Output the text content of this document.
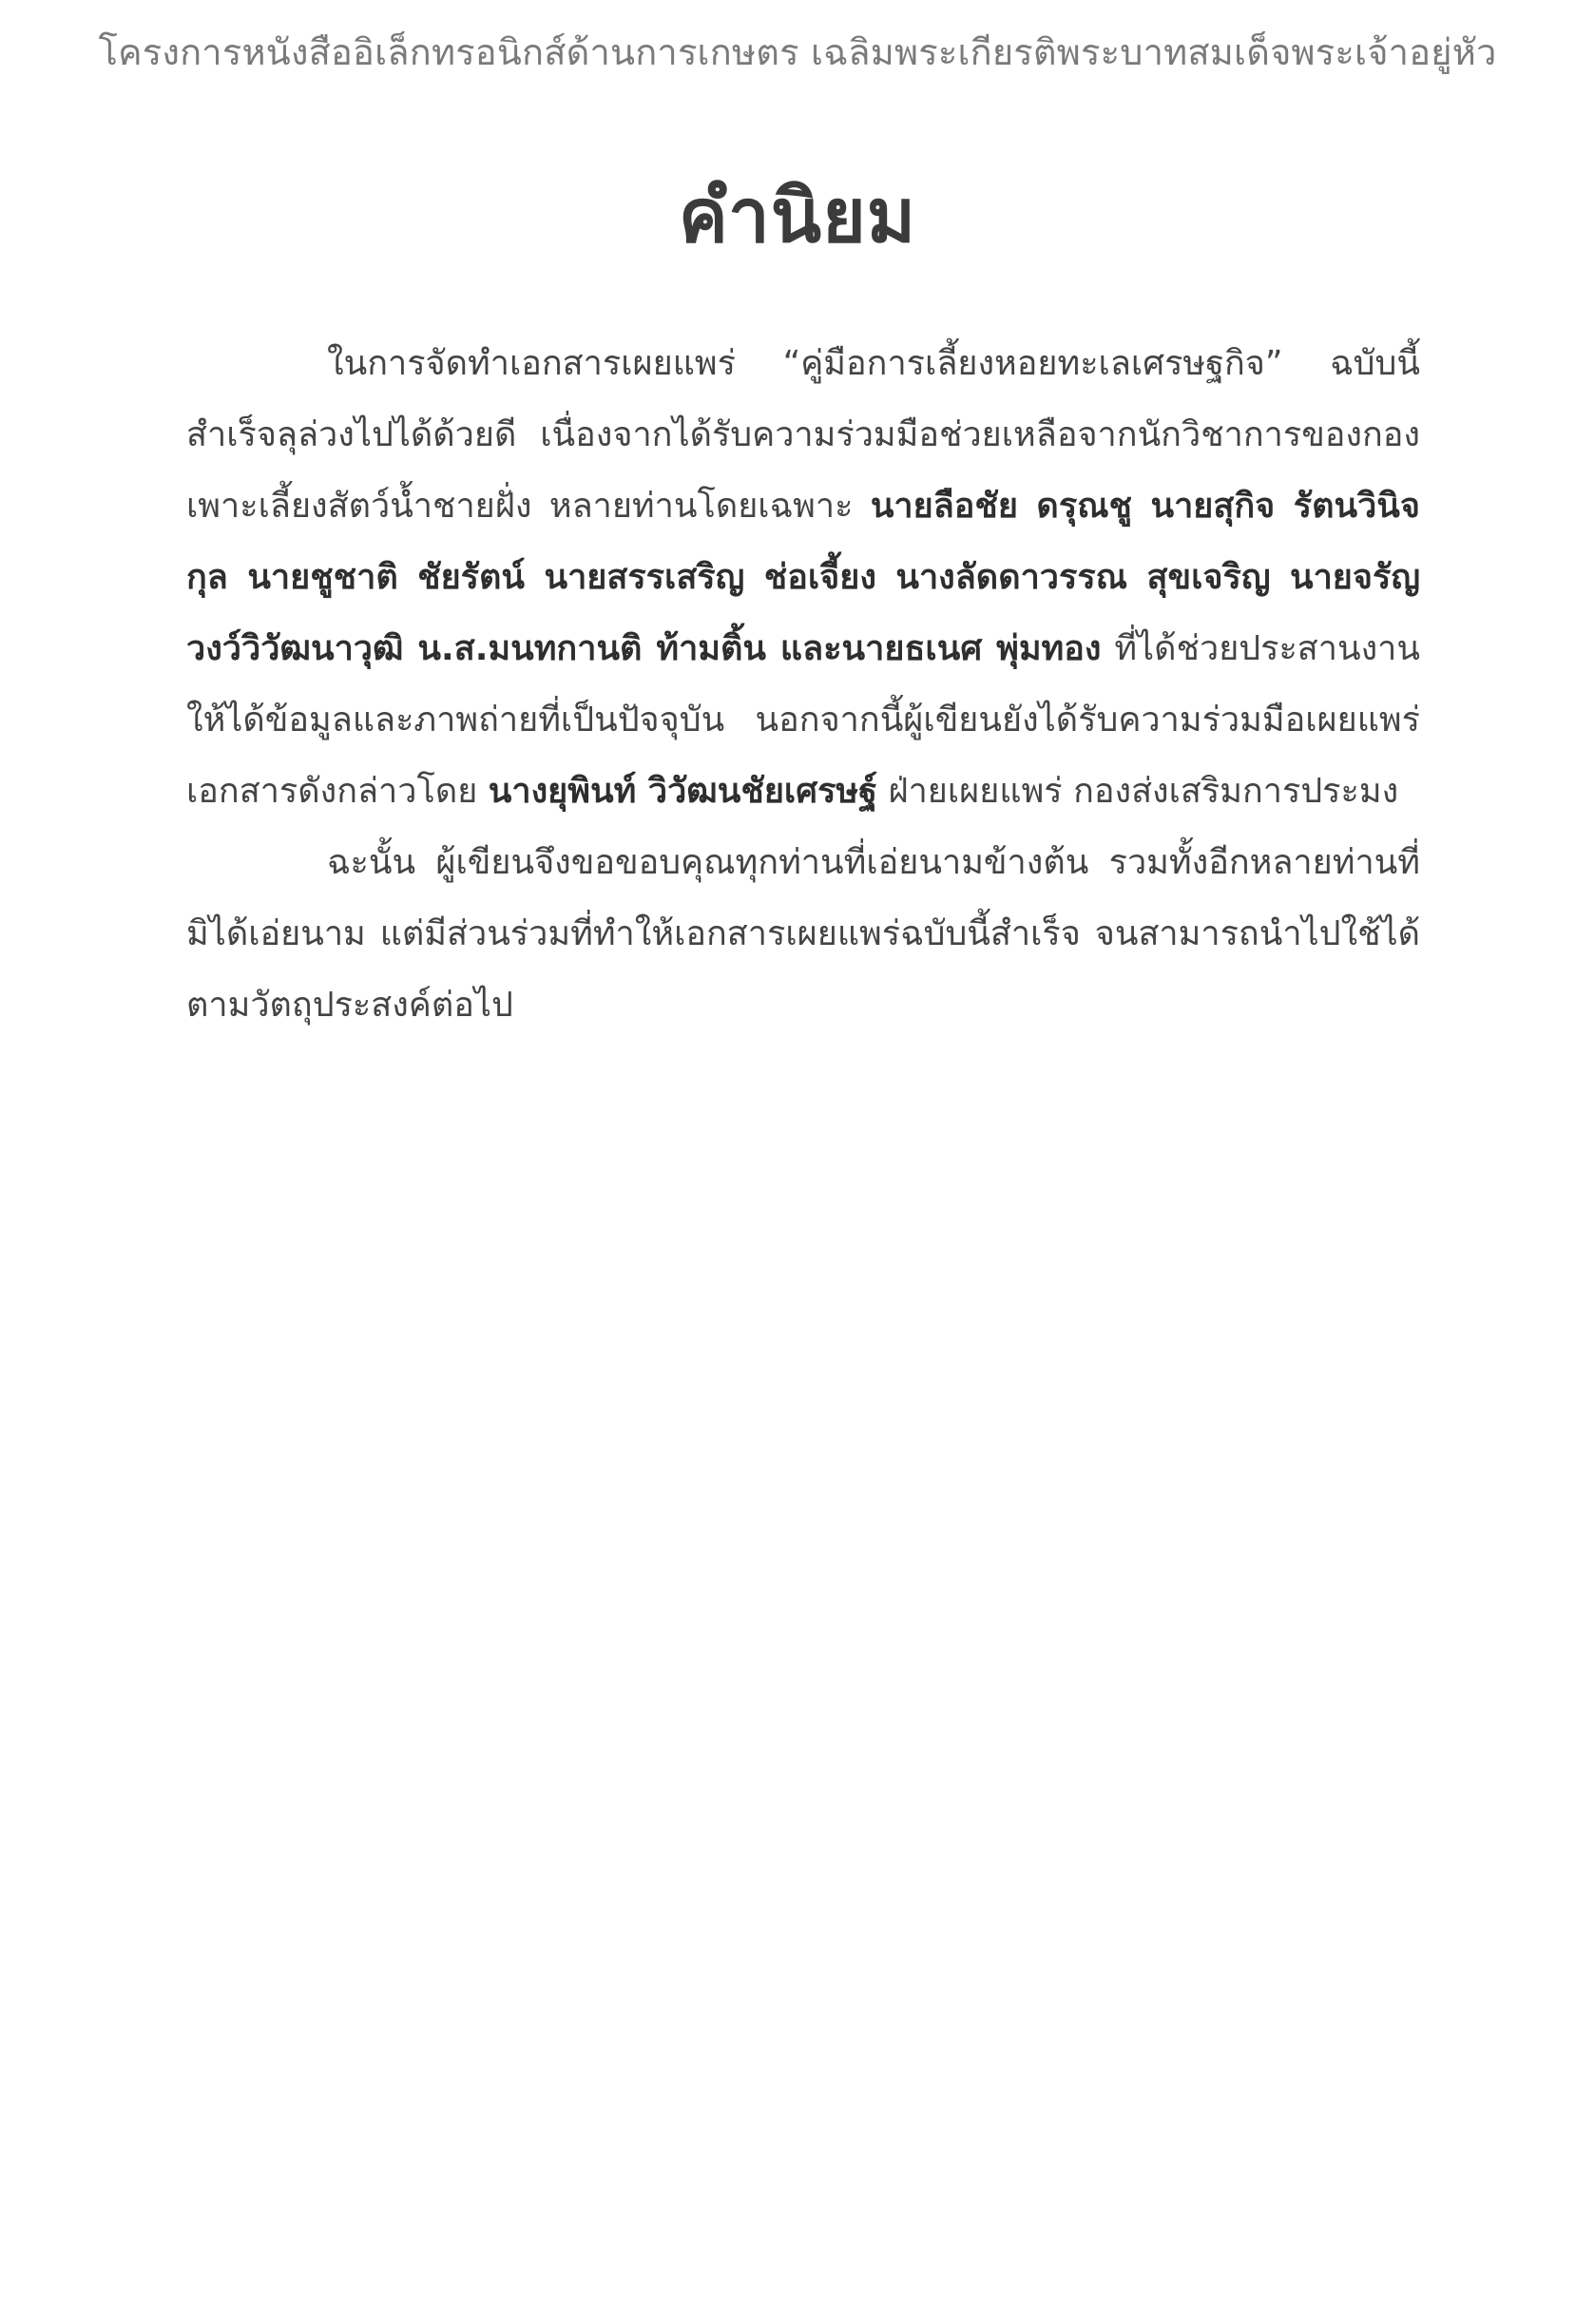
โครงการหนังสืออิเล็กทรอนิกส์ด้านการเกษตร เฉลิมพระเกียรติพระบาทสมเด็จพระเจ้าอยู่หัว
คำนิยม

ในการจัดทำเอกสารเผยแพร่ “คู่มือการเลี้ยงหอยทะเลเศรษฐกิจ” ฉบับนี้สำเร็จลุล่วงไปได้ด้วยดี เนื่องจากได้รับความร่วมมือช่วยเหลือจากนักวิชาการของกองเพาะเลี้ยงสัตว์น้ำชายฝั่ง หลายท่านโดยเฉพาะ นายลือชัย ดรุณชู นายสุกิจ รัตนวินิจกุล นายชูชาติ ชัยรัตน์ นายสรรเสริญ ช่อเจี้ยง นางลัดดาวรรณ สุขเจริญ นายจรัญ วงว์วิวัฒนาวุฒิ น.ส.มนทกานติ ท้ามติ้น และนายธเนศ พุ่มทอง ที่ได้ช่วยประสานงานให้ได้ข้อมูลและภาพถ่ายที่เป็นปัจจุบัน นอกจากนี้ผู้เขียนยังได้รับความร่วมมือเผยแพร่เอกสารดังกล่าวโดย นางยุพินท์ วิวัฒนชัยเศรษฐ์ ฝ่ายเผยแพร่ กองส่งเสริมการประมง

ฉะนั้น ผู้เขียนจึงขอขอบคุณทุกท่านที่เอ่ยนามข้างต้น รวมทั้งอีกหลายท่านที่มิได้เอ่ยนาม แต่มีส่วนร่วมที่ทำให้เอกสารเผยแพร่ฉบับนี้สำเร็จ จนสามารถนำไปใช้ได้ตามวัตถุประสงค์ต่อไป
